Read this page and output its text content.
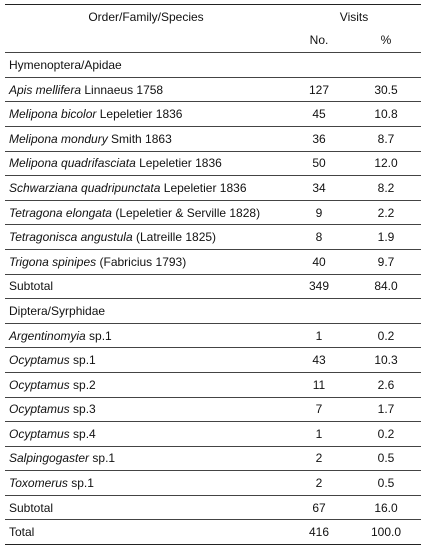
Order/Family/Species	Visits	
	No.	%
Hymenoptera/Apidae		
Apis mellifera Linnaeus 1758	127	30.5
Melipona bicolor Lepeletier 1836	45	10.8
Melipona mondury Smith 1863	36	8.7
Melipona quadrifasciata Lepeletier 1836	50	12.0
Schwarziana quadripunctata Lepeletier 1836	34	8.2
Tetragona elongata (Lepeletier & Serville 1828)	9	2.2
Tetragonisca angustula (Latreille 1825)	8	1.9
Trigona spinipes (Fabricius 1793)	40	9.7
Subtotal	349	84.0
Diptera/Syrphidae		
Argentinomyia sp.1	1	0.2
Ocyptamus sp.1	43	10.3
Ocyptamus sp.2	11	2.6
Ocyptamus sp.3	7	1.7
Ocyptamus sp.4	1	0.2
Salpingogaster sp.1	2	0.5
Toxomerus sp.1	2	0.5
Subtotal	67	16.0
Total	416	100.0
